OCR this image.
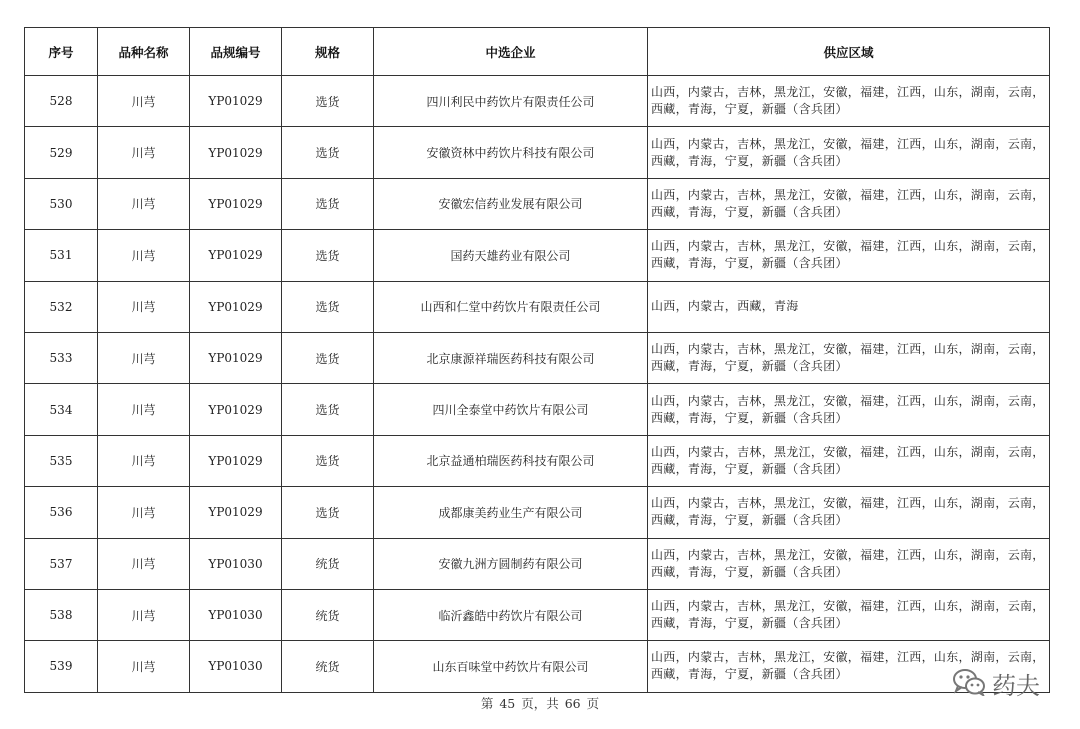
序号	品种名称	品规编号	规格	中选企业	供应区域
528	川芎	YP01029	选货	四川利民中药饮片有限责任公司	山西，内蒙古，吉林，黑龙江，安徽，福建，江西，山东，湖南，云南，西藏，青海，宁夏，新疆（含兵团）
529	川芎	YP01029	选货	安徽资林中药饮片科技有限公司	山西，内蒙古，吉林，黑龙江，安徽，福建，江西，山东，湖南，云南，西藏，青海，宁夏，新疆（含兵团）
530	川芎	YP01029	选货	安徽宏信药业发展有限公司	山西，内蒙古，吉林，黑龙江，安徽，福建，江西，山东，湖南，云南，西藏，青海，宁夏，新疆（含兵团）
531	川芎	YP01029	选货	国药天雄药业有限公司	山西，内蒙古，吉林，黑龙江，安徽，福建，江西，山东，湖南，云南，西藏，青海，宁夏，新疆（含兵团）
532	川芎	YP01029	选货	山西和仁堂中药饮片有限责任公司	山西，内蒙古，西藏，青海
533	川芎	YP01029	选货	北京康源祥瑞医药科技有限公司	山西，内蒙古，吉林，黑龙江，安徽，福建，江西，山东，湖南，云南，西藏，青海，宁夏，新疆（含兵团）
534	川芎	YP01029	选货	四川全泰堂中药饮片有限公司	山西，内蒙古，吉林，黑龙江，安徽，福建，江西，山东，湖南，云南，西藏，青海，宁夏，新疆（含兵团）
535	川芎	YP01029	选货	北京益通柏瑞医药科技有限公司	山西，内蒙古，吉林，黑龙江，安徽，福建，江西，山东，湖南，云南，西藏，青海，宁夏，新疆（含兵团）
536	川芎	YP01029	选货	成都康美药业生产有限公司	山西，内蒙古，吉林，黑龙江，安徽，福建，江西，山东，湖南，云南，西藏，青海，宁夏，新疆（含兵团）
537	川芎	YP01030	统货	安徽九洲方圆制药有限公司	山西，内蒙古，吉林，黑龙江，安徽，福建，江西，山东，湖南，云南，西藏，青海，宁夏，新疆（含兵团）
538	川芎	YP01030	统货	临沂鑫皓中药饮片有限公司	山西，内蒙古，吉林，黑龙江，安徽，福建，江西，山东，湖南，云南，西藏，青海，宁夏，新疆（含兵团）
539	川芎	YP01030	统货	山东百味堂中药饮片有限公司	山西，内蒙古，吉林，黑龙江，安徽，福建，江西，山东，湖南，云南，西藏，青海，宁夏，新疆（含兵团）
第 45 页，共 66 页
药夫
